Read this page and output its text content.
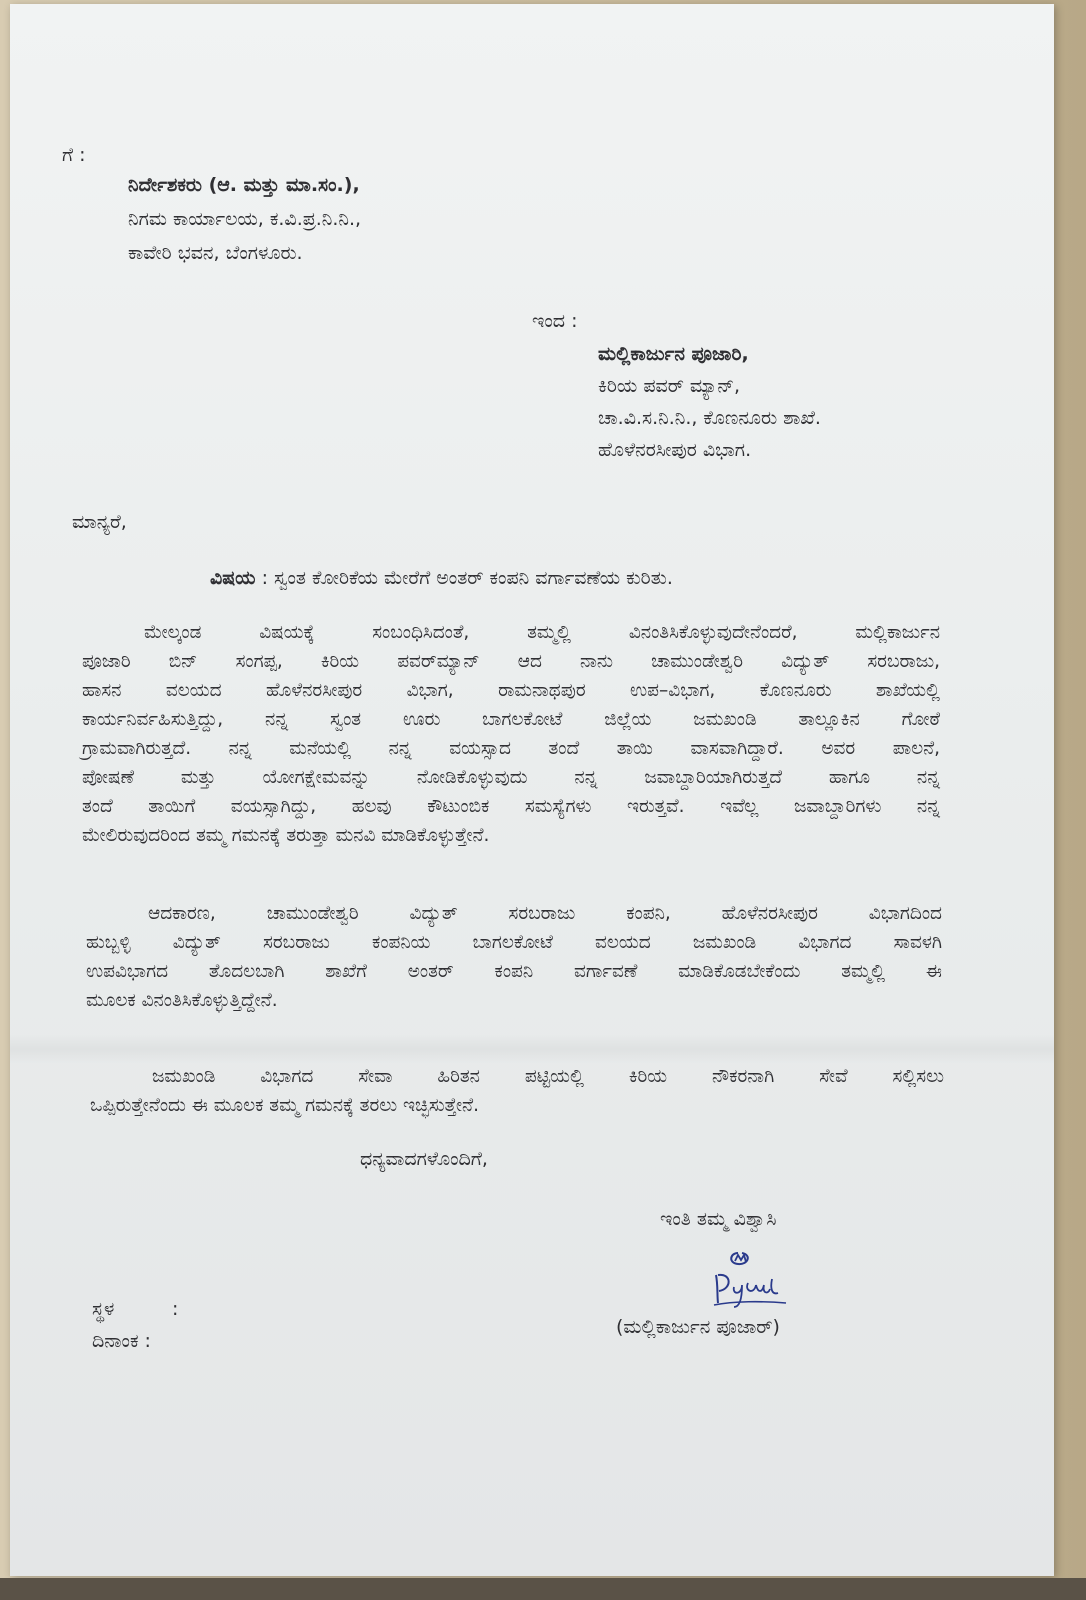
ಗೆ :
ನಿರ್ದೇಶಕರು (ಆ. ಮತ್ತು ಮಾ.ಸಂ.),
ನಿಗಮ ಕಾರ್ಯಾಲಯ, ಕ.ವಿ.ಪ್ರ.ನಿ.ನಿ.,
ಕಾವೇರಿ ಭವನ, ಬೆಂಗಳೂರು.
ಇಂದ :
ಮಲ್ಲಿಕಾರ್ಜುನ ಪೂಜಾರಿ,
ಕಿರಿಯ ಪವರ್ ಮ್ಯಾನ್,
ಚಾ.ವಿ.ಸ.ನಿ.ನಿ., ಕೊಣನೂರು ಶಾಖೆ.
ಹೊಳೆನರಸೀಪುರ ವಿಭಾಗ.
ಮಾನ್ಯರೆ,
ವಿಷಯ : ಸ್ವಂತ ಕೋರಿಕೆಯ ಮೇರೆಗೆ ಅಂತರ್ ಕಂಪನಿ ವರ್ಗಾವಣೆಯ ಕುರಿತು.
ಮೇಲ್ಕಂಡ ವಿಷಯಕ್ಕೆ ಸಂಬಂಧಿಸಿದಂತೆ, ತಮ್ಮಲ್ಲಿ ವಿನಂತಿಸಿಕೊಳ್ಳುವುದೇನೆಂದರೆ, ಮಲ್ಲಿಕಾರ್ಜುನ
ಪೂಜಾರಿ ಬಿನ್ ಸಂಗಪ್ಪ, ಕಿರಿಯ ಪವರ್‌ಮ್ಯಾನ್ ಆದ ನಾನು ಚಾಮುಂಡೇಶ್ವರಿ ವಿದ್ಯುತ್ ಸರಬರಾಜು,
ಹಾಸನ ವಲಯದ ಹೊಳೆನರಸೀಪುರ ವಿಭಾಗ, ರಾಮನಾಥಪುರ ಉಪ–ವಿಭಾಗ, ಕೊಣನೂರು ಶಾಖೆಯಲ್ಲಿ
ಕಾರ್ಯನಿರ್ವಹಿಸುತ್ತಿದ್ದು, ನನ್ನ ಸ್ವಂತ ಊರು ಬಾಗಲಕೋಟೆ ಜಿಲ್ಲೆಯ ಜಮಖಂಡಿ ತಾಲ್ಲೂಕಿನ ಗೋಠೆ
ಗ್ರಾಮವಾಗಿರುತ್ತದೆ. ನನ್ನ ಮನೆಯಲ್ಲಿ ನನ್ನ ವಯಸ್ಸಾದ ತಂದೆ ತಾಯಿ ವಾಸವಾಗಿದ್ದಾರೆ. ಅವರ ಪಾಲನೆ,
ಪೋಷಣೆ ಮತ್ತು ಯೋಗಕ್ಷೇಮವನ್ನು ನೋಡಿಕೊಳ್ಳುವುದು ನನ್ನ ಜವಾಬ್ದಾರಿಯಾಗಿರುತ್ತದೆ ಹಾಗೂ ನನ್ನ
ತಂದೆ ತಾಯಿಗೆ ವಯಸ್ಸಾಗಿದ್ದು, ಹಲವು ಕೌಟುಂಬಿಕ ಸಮಸ್ಯೆಗಳು ಇರುತ್ತವೆ. ಇವೆಲ್ಲ ಜವಾಬ್ದಾರಿಗಳು ನನ್ನ
ಮೇಲಿರುವುದರಿಂದ ತಮ್ಮ ಗಮನಕ್ಕೆ ತರುತ್ತಾ ಮನವಿ ಮಾಡಿಕೊಳ್ಳುತ್ತೇನೆ.
ಆದಕಾರಣ, ಚಾಮುಂಡೇಶ್ವರಿ ವಿದ್ಯುತ್ ಸರಬರಾಜು ಕಂಪನಿ, ಹೊಳೆನರಸೀಪುರ ವಿಭಾಗದಿಂದ
ಹುಬ್ಬಳ್ಳಿ ವಿದ್ಯುತ್ ಸರಬರಾಜು ಕಂಪನಿಯ ಬಾಗಲಕೋಟೆ ವಲಯದ ಜಮಖಂಡಿ ವಿಭಾಗದ ಸಾವಳಗಿ
ಉಪವಿಭಾಗದ ತೊದಲಬಾಗಿ ಶಾಖೆಗೆ ಅಂತರ್ ಕಂಪನಿ ವರ್ಗಾವಣೆ ಮಾಡಿಕೊಡಬೇಕೆಂದು ತಮ್ಮಲ್ಲಿ ಈ
ಮೂಲಕ ವಿನಂತಿಸಿಕೊಳ್ಳುತ್ತಿದ್ದೇನೆ.
ಜಮಖಂಡಿ ವಿಭಾಗದ ಸೇವಾ ಹಿರಿತನ ಪಟ್ಟಿಯಲ್ಲಿ ಕಿರಿಯ ನೌಕರನಾಗಿ ಸೇವೆ ಸಲ್ಲಿಸಲು
ಒಪ್ಪಿರುತ್ತೇನೆಂದು ಈ ಮೂಲಕ ತಮ್ಮ ಗಮನಕ್ಕೆ ತರಲು ಇಚ್ಛಿಸುತ್ತೇನೆ.
ಧನ್ಯವಾದಗಳೊಂದಿಗೆ,
ಇಂತಿ ತಮ್ಮ ವಿಶ್ವಾಸಿ
ಸ್ಥಳ	:
ದಿನಾಂಕ :
(ಮಲ್ಲಿಕಾರ್ಜುನ ಪೂಜಾರ್)
